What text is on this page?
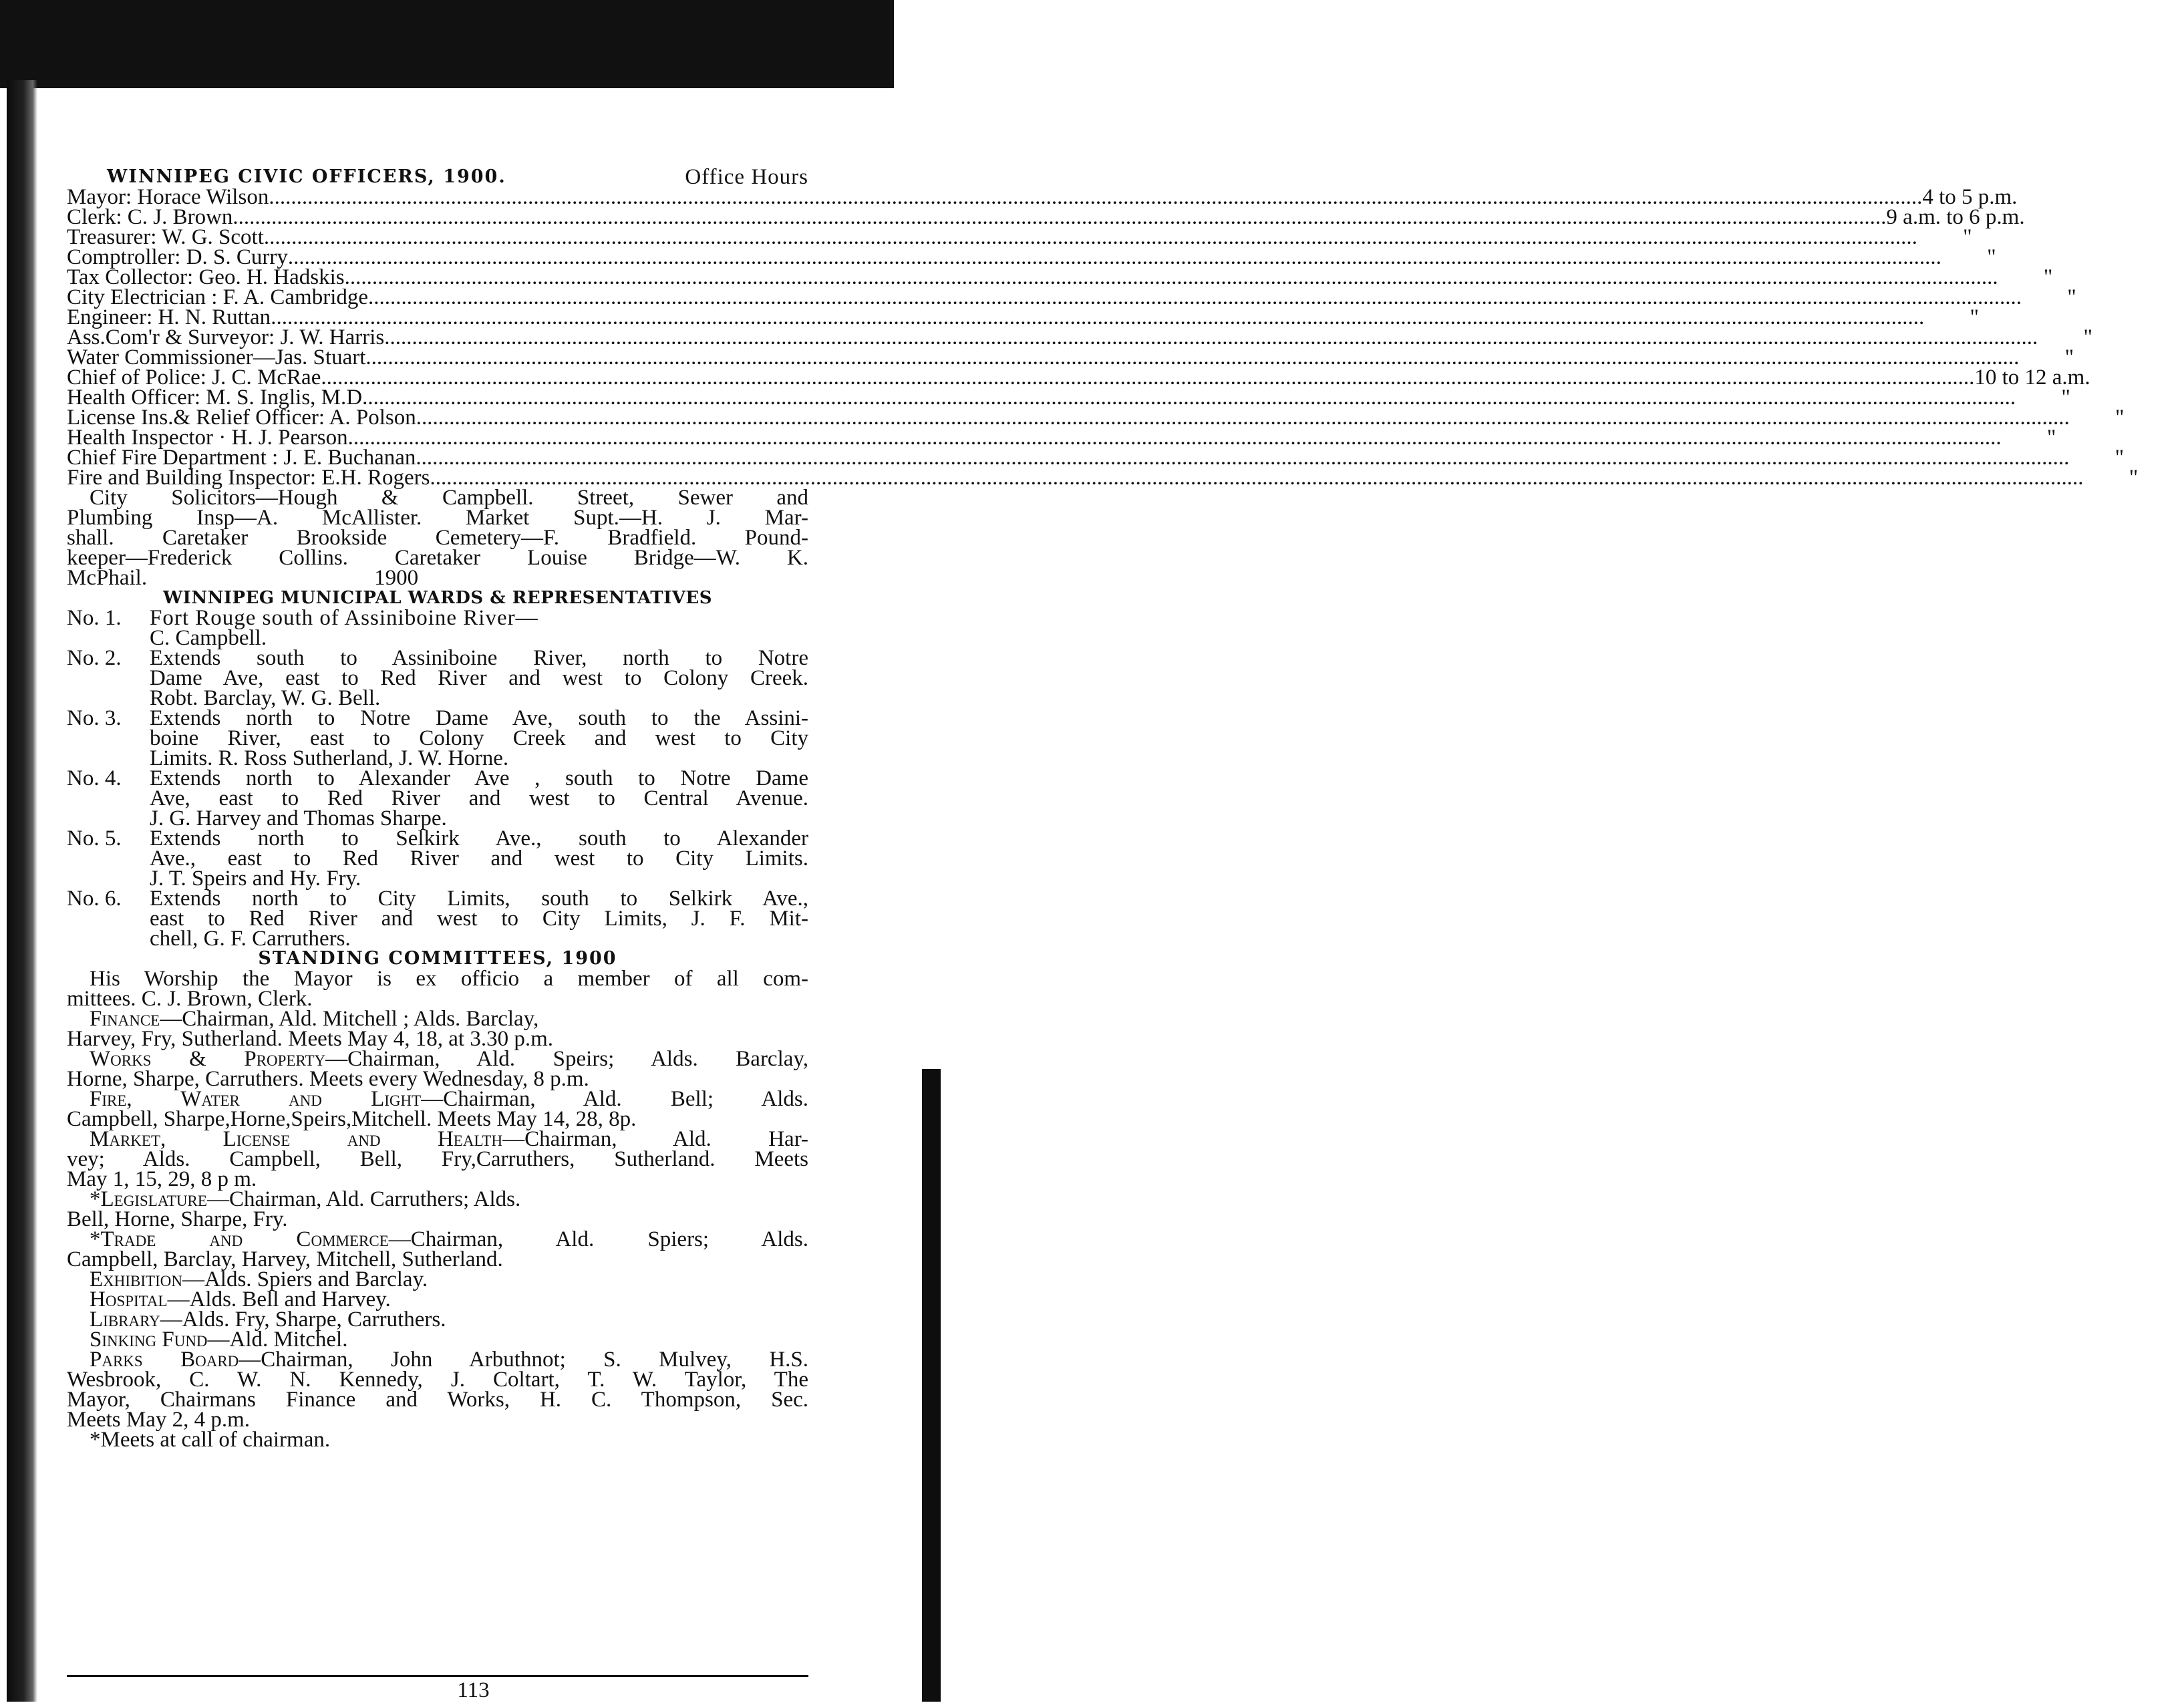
WINNIPEG CIVIC OFFICERS, 1900.	Office Hours
Mayor: Horace Wilson ............................................................................................................................................................................................................................................................................................................ 4 to 5 p.m.
Clerk: C. J. Brown ............................................................................................................................................................................................................................................................................................................ 9 a.m. to 6 p.m.
Treasurer: W. G. Scott ............................................................................................................................................................................................................................................................................................................	"
Comptroller: D. S. Curry ............................................................................................................................................................................................................................................................................................................	"
Tax Collector: Geo. H. Hadskis ............................................................................................................................................................................................................................................................................................................	"
City Electrician : F. A. Cambridge ............................................................................................................................................................................................................................................................................................................	"
Engineer: H. N. Ruttan ............................................................................................................................................................................................................................................................................................................	"
Ass.Com'r & Surveyor: J. W. Harris ............................................................................................................................................................................................................................................................................................................	"
Water Commissioner—Jas. Stuart ............................................................................................................................................................................................................................................................................................................	"
Chief of Police: J. C. McRae ............................................................................................................................................................................................................................................................................................................ 10 to 12 a.m.
Health Officer: M. S. Inglis, M.D ............................................................................................................................................................................................................................................................................................................	"
License Ins.& Relief Officer: A. Polson ............................................................................................................................................................................................................................................................................................................	"
Health Inspector · H. J. Pearson ............................................................................................................................................................................................................................................................................................................	"
Chief Fire Department : J. E. Buchanan ............................................................................................................................................................................................................................................................................................................	"
Fire and Building Inspector: E.H. Rogers ............................................................................................................................................................................................................................................................................................................	"
City Solicitors—Hough & Campbell. Street, Sewer and
Plumbing Insp—A. McAllister. Market Supt.—H. J. Mar-
shall. Caretaker Brookside Cemetery—F. Bradfield. Pound-
keeper—Frederick Collins. Caretaker Louise Bridge—W. K.
McPhail.	1900
WINNIPEG MUNICIPAL WARDS & REPRESENTATIVES
No. 1.	Fort Rouge south of Assiniboine River—
C. Campbell.
No. 2.	Extends south to Assiniboine River, north to Notre
Dame Ave, east to Red River and west to Colony Creek.
Robt. Barclay, W. G. Bell.
No. 3.	Extends north to Notre Dame Ave, south to the Assini-
boine River, east to Colony Creek and west to City
Limits. R. Ross Sutherland, J. W. Horne.
No. 4.	Extends north to Alexander Ave , south to Notre Dame
Ave, east to Red River and west to Central Avenue.
J. G. Harvey and Thomas Sharpe.
No. 5.	Extends north to Selkirk Ave., south to Alexander
Ave., east to Red River and west to City Limits.
J. T. Speirs and Hy. Fry.
No. 6.	Extends north to City Limits, south to Selkirk Ave.,
east to Red River and west to City Limits, J. F. Mit-
chell, G. F. Carruthers.
STANDING COMMITTEES, 1900
His Worship the Mayor is ex officio a member of all com-
mittees. C. J. Brown, Clerk.
Finance—Chairman, Ald. Mitchell ; Alds. Barclay,
Harvey, Fry, Sutherland. Meets May 4, 18, at 3.30 p.m.
Works & Property—Chairman, Ald. Speirs; Alds. Barclay,
Horne, Sharpe, Carruthers. Meets every Wednesday, 8 p.m.
Fire, Water and Light—Chairman, Ald. Bell; Alds.
Campbell, Sharpe,Horne,Speirs,Mitchell. Meets May 14, 28, 8p.
Market, License and Health—Chairman, Ald. Har-
vey; Alds. Campbell, Bell, Fry,Carruthers, Sutherland. Meets
May 1, 15, 29, 8 p m.
*Legislature—Chairman, Ald. Carruthers; Alds.
Bell, Horne, Sharpe, Fry.
*Trade and Commerce—Chairman, Ald. Spiers; Alds.
Campbell, Barclay, Harvey, Mitchell, Sutherland.
Exhibition—Alds. Spiers and Barclay.
Hospital—Alds. Bell and Harvey.
Library—Alds. Fry, Sharpe, Carruthers.
Sinking Fund—Ald. Mitchel.
Parks Board—Chairman, John Arbuthnot; S. Mulvey, H.S.
Wesbrook, C. W. N. Kennedy, J. Coltart, T. W. Taylor, The
Mayor, Chairmans Finance and Works, H. C. Thompson, Sec.
Meets May 2, 4 p.m.
*Meets at call of chairman.
113
